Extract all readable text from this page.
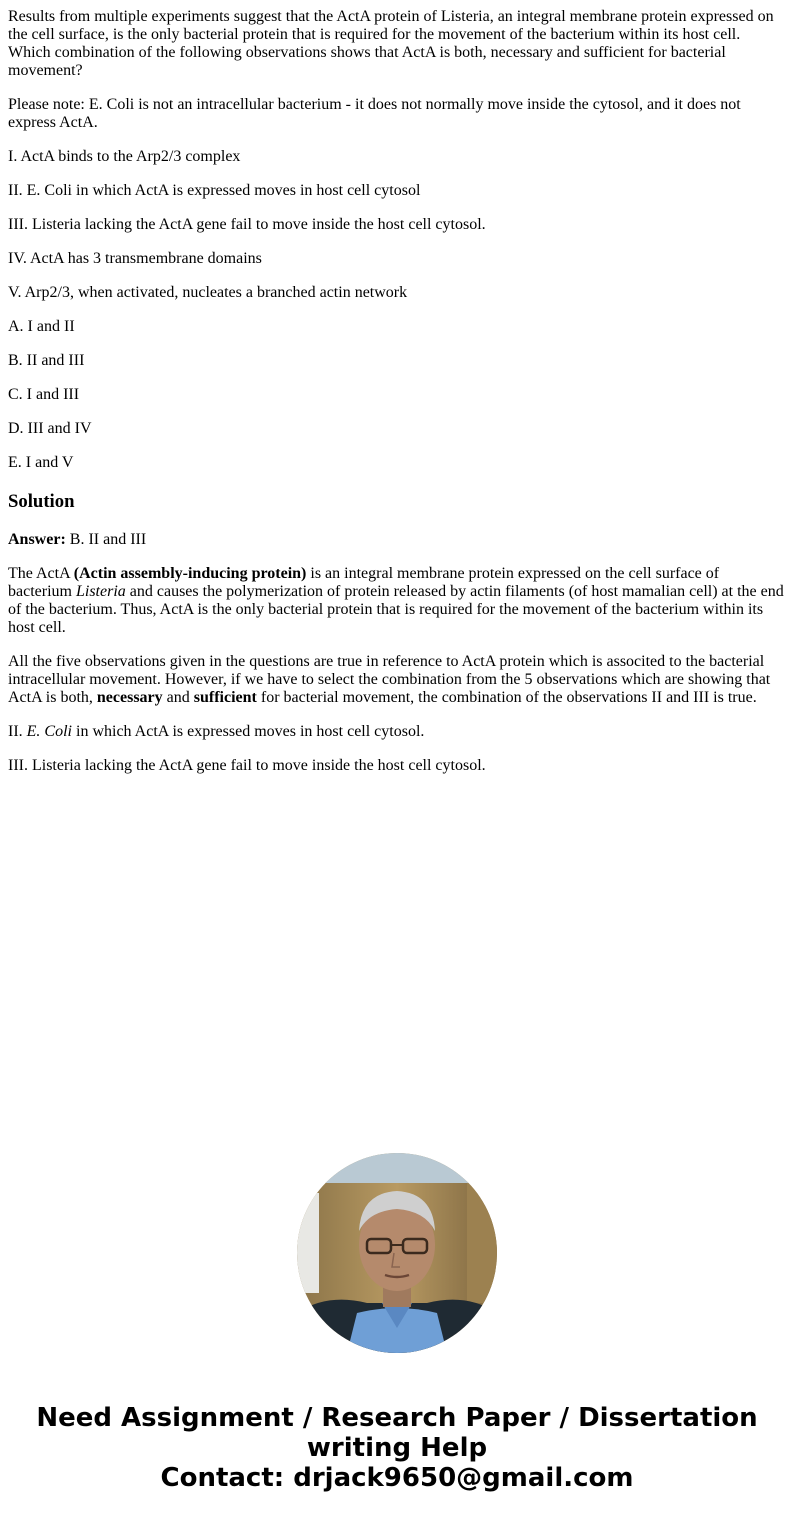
Results from multiple experiments suggest that the ActA protein of Listeria, an integral membrane protein expressed on the cell surface, is the only bacterial protein that is required for the movement of the bacterium within its host cell. Which combination of the following observations shows that ActA is both, necessary and sufficient for bacterial movement?

Please note: E. Coli is not an intracellular bacterium - it does not normally move inside the cytosol, and it does not express ActA.

I. ActA binds to the Arp2/3 complex

II. E. Coli in which ActA is expressed moves in host cell cytosol

III. Listeria lacking the ActA gene fail to move inside the host cell cytosol.

IV. ActA has 3 transmembrane domains

V. Arp2/3, when activated, nucleates a branched actin network

A. I and II

B. II and III

C. I and III

D. III and IV

E. I and V

Solution

Answer: B. II and III

The ActA (Actin assembly-inducing protein) is an integral membrane protein expressed on the cell surface of bacterium Listeria and causes the polymerization of protein released by actin filaments (of host mamalian cell) at the end of the bacterium. Thus, ActA is the only bacterial protein that is required for the movement of the bacterium within its host cell.

All the five observations given in the questions are true in reference to ActA protein which is associted to the bacterial intracellular movement. However, if we have to select the combination from the 5 observations which are showing that ActA is both, necessary and sufficient for bacterial movement, the combination of the observations II and III is true.

II. E. Coli in which ActA is expressed moves in host cell cytosol.

III. Listeria lacking the ActA gene fail to move inside the host cell cytosol.

Need Assignment / Research Paper / Dissertation
writing Help
Contact: drjack9650@gmail.com
